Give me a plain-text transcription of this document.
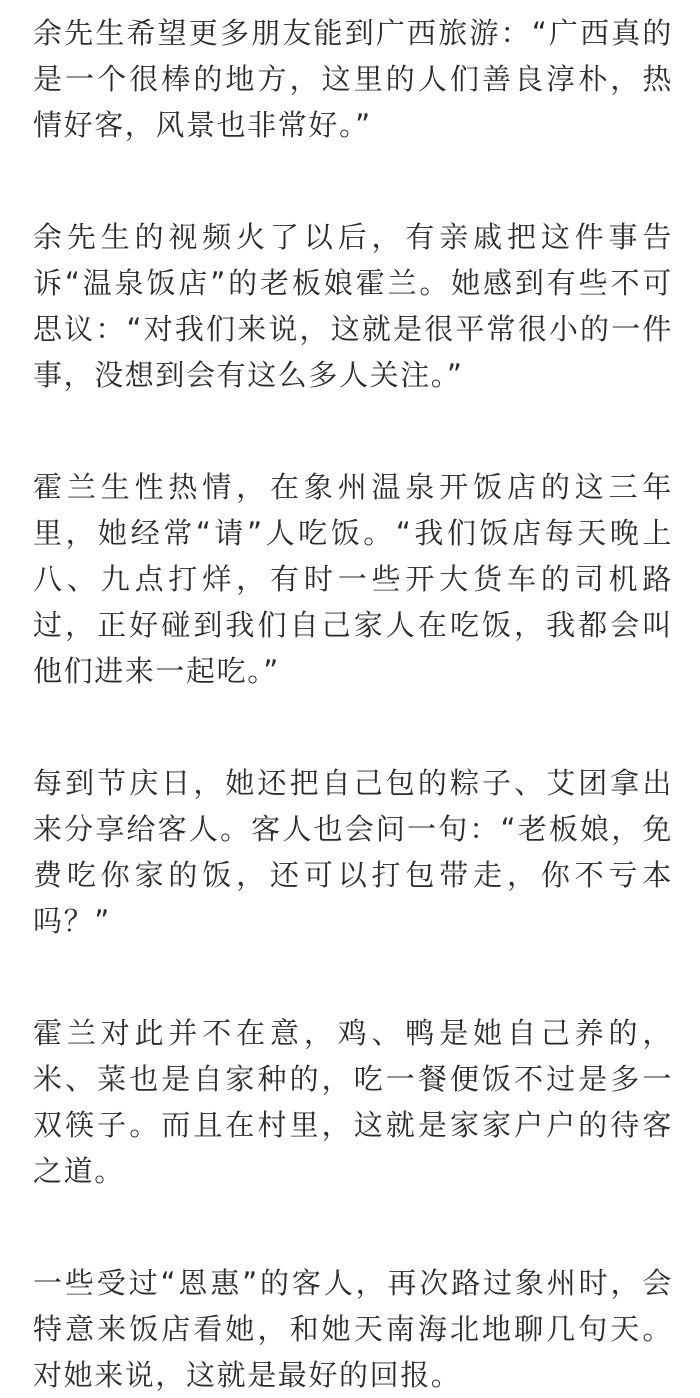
余先生希望更多朋友能到广西旅游：“广西真的是一个很棒的地方，这里的人们善良淳朴，热情好客，风景也非常好。”

余先生的视频火了以后，有亲戚把这件事告诉“温泉饭店”的老板娘霍兰。她感到有些不可思议：“对我们来说，这就是很平常很小的一件事，没想到会有这么多人关注。”

霍兰生性热情，在象州温泉开饭店的这三年里，她经常“请”人吃饭。“我们饭店每天晚上八、九点打烊，有时一些开大货车的司机路过，正好碰到我们自己家人在吃饭，我都会叫他们进来一起吃。”

每到节庆日，她还把自己包的粽子、艾团拿出来分享给客人。客人也会问一句：“老板娘，免费吃你家的饭，还可以打包带走，你不亏本吗？”

霍兰对此并不在意，鸡、鸭是她自己养的，米、菜也是自家种的，吃一餐便饭不过是多一双筷子。而且在村里，这就是家家户户的待客之道。

一些受过“恩惠”的客人，再次路过象州时，会特意来饭店看她，和她天南海北地聊几句天。对她来说，这就是最好的回报。
